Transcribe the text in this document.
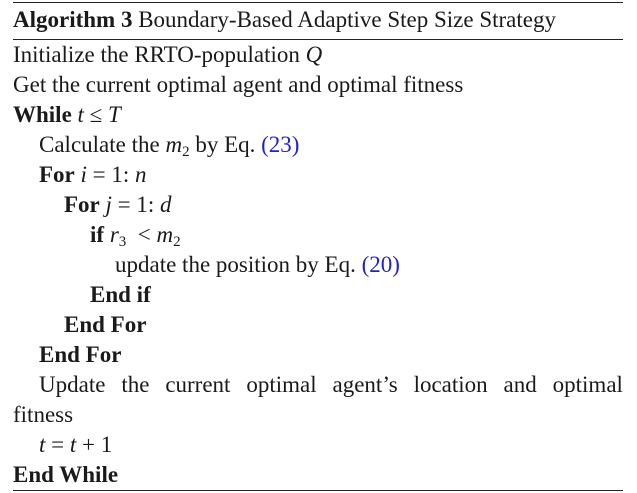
Algorithm 3 Boundary-Based Adaptive Step Size Strategy
Initialize the RRTO-population Q
Get the current optimal agent and optimal fitness
While t ≤ T
Calculate the $m_2$ by Eq. (23)
For i = 1: n
For j = 1: d
if $r_3 < m_2$
update the position by Eq. (20)
End if
End For
End For
Update the current optimal agent’s location and optimal
fitness
t = t + 1
End While
